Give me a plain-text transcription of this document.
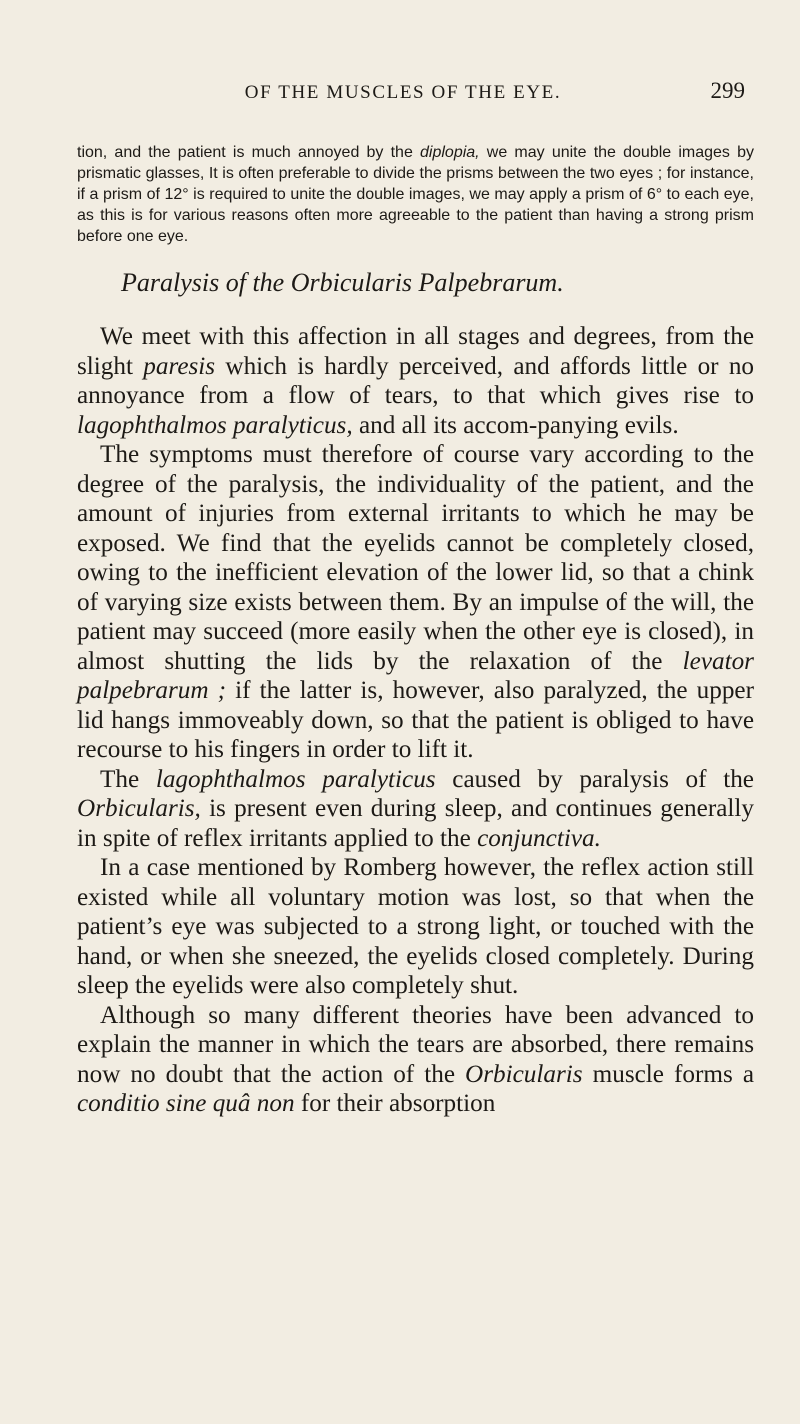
OF THE MUSCLES OF THE EYE.	299

tion, and the patient is much annoyed by the diplopia, we may unite the double images by prismatic glasses, It is often preferable to divide the prisms between the two eyes ; for instance, if a prism of 12° is required to unite the double images, we may apply a prism of 6° to each eye, as this is for various reasons often more agreeable to the patient than having a strong prism before one eye.

Paralysis of the Orbicularis Palpebrarum.

We meet with this affection in all stages and degrees, from the slight paresis which is hardly perceived, and affords little or no annoyance from a flow of tears, to that which gives rise to lagophthalmos paralyticus, and all its accom-panying evils.

The symptoms must therefore of course vary according to the degree of the paralysis, the individuality of the patient, and the amount of injuries from external irritants to which he may be exposed. We find that the eyelids cannot be completely closed, owing to the inefficient elevation of the lower lid, so that a chink of varying size exists between them. By an impulse of the will, the patient may succeed (more easily when the other eye is closed), in almost shutting the lids by the relaxation of the levator palpebrarum ; if the latter is, however, also paralyzed, the upper lid hangs immoveably down, so that the patient is obliged to have recourse to his fingers in order to lift it.

The lagophthalmos paralyticus caused by paralysis of the Orbicularis, is present even during sleep, and continues generally in spite of reflex irritants applied to the conjunctiva.

In a case mentioned by Romberg however, the reflex action still existed while all voluntary motion was lost, so that when the patient’s eye was subjected to a strong light, or touched with the hand, or when she sneezed, the eyelids closed completely. During sleep the eyelids were also completely shut.

Although so many different theories have been advanced to explain the manner in which the tears are absorbed, there remains now no doubt that the action of the Orbicularis muscle forms a conditio sine quâ non for their absorption
